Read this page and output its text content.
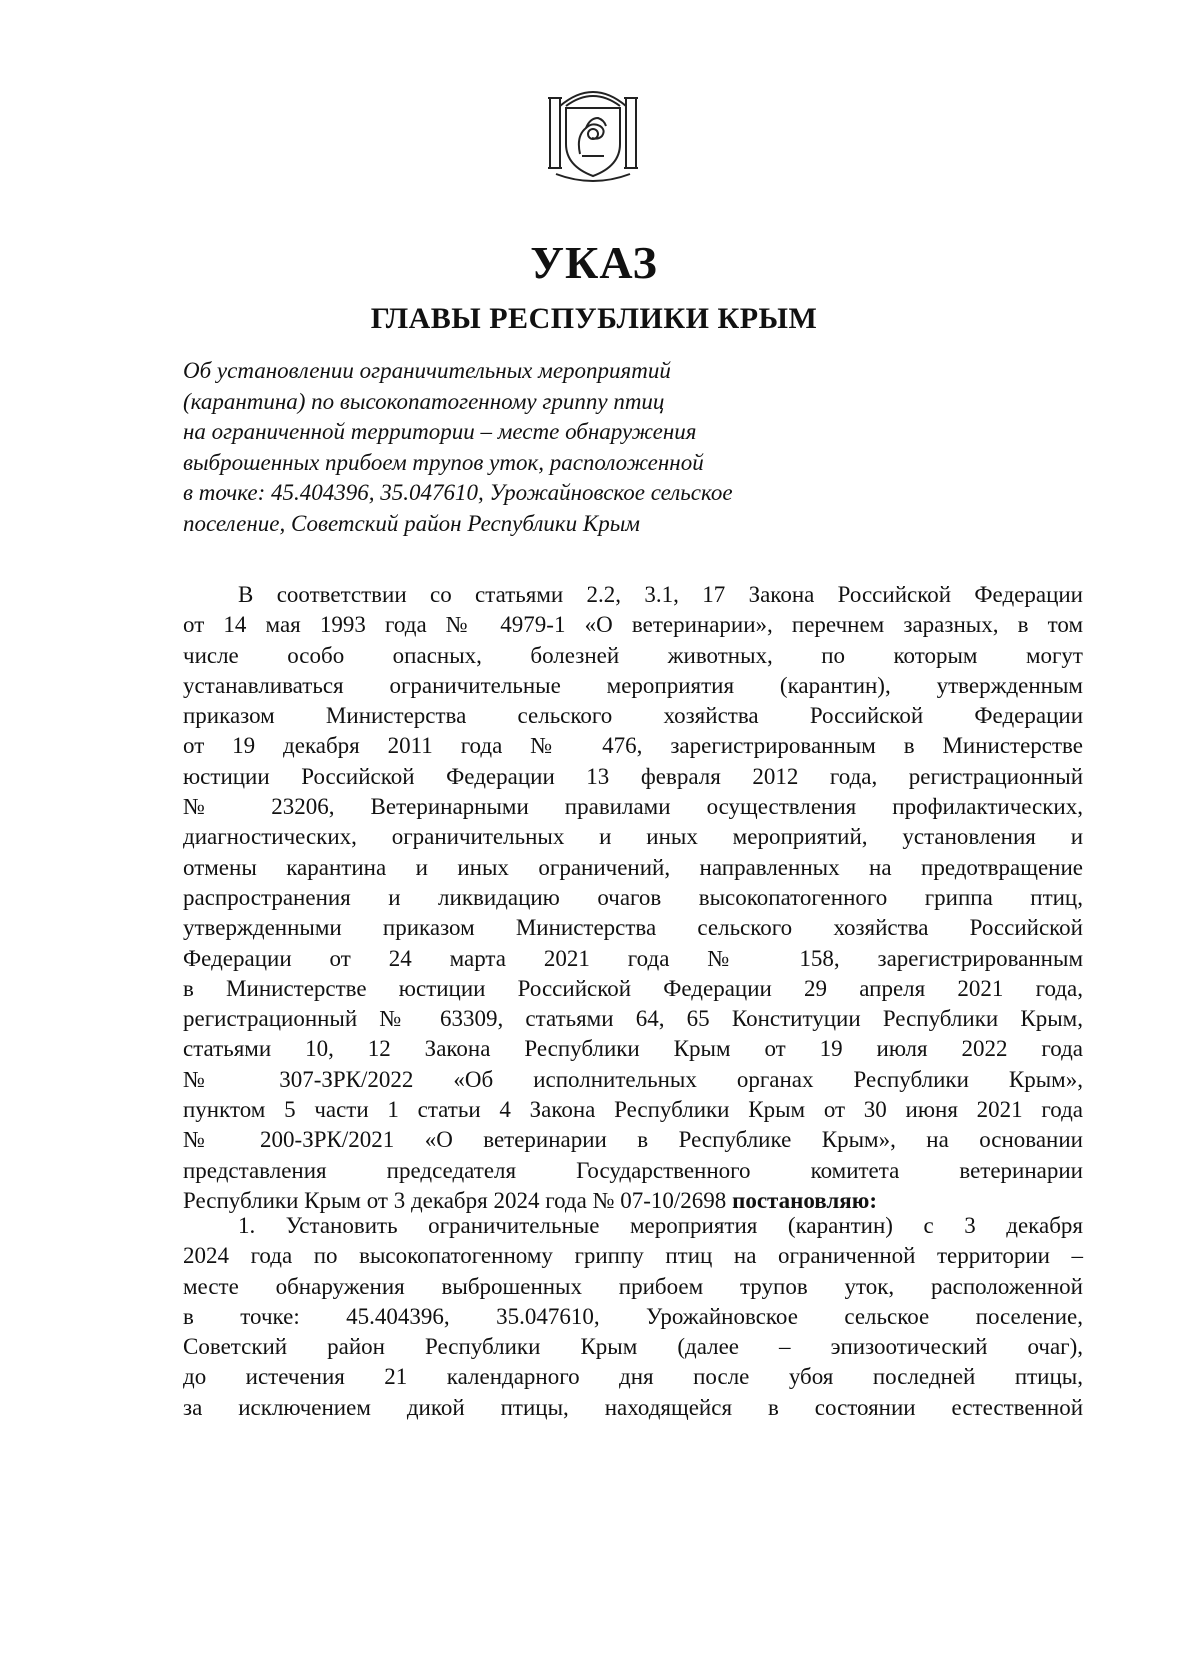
УКАЗ
ГЛАВЫ РЕСПУБЛИКИ КРЫМ
Об установлении ограничительных мероприятий
(карантина) по высокопатогенному гриппу птиц
на ограниченной территории – месте обнаружения
выброшенных прибоем трупов уток, расположенной
в точке: 45.404396, 35.047610, Урожайновское сельское
поселение, Советский район Республики Крым
В соответствии со статьями 2.2, 3.1, 17 Закона Российской Федерации
от 14 мая 1993 года № 4979-1 «О ветеринарии», перечнем заразных, в том
числе особо опасных, болезней животных, по которым могут
устанавливаться ограничительные мероприятия (карантин), утвержденным
приказом Министерства сельского хозяйства Российской Федерации
от 19 декабря 2011 года № 476, зарегистрированным в Министерстве
юстиции Российской Федерации 13 февраля 2012 года, регистрационный
№ 23206, Ветеринарными правилами осуществления профилактических,
диагностических, ограничительных и иных мероприятий, установления и
отмены карантина и иных ограничений, направленных на предотвращение
распространения и ликвидацию очагов высокопатогенного гриппа птиц,
утвержденными приказом Министерства сельского хозяйства Российской
Федерации от 24 марта 2021 года № 158, зарегистрированным
в Министерстве юстиции Российской Федерации 29 апреля 2021 года,
регистрационный № 63309, статьями 64, 65 Конституции Республики Крым,
статьями 10, 12 Закона Республики Крым от 19 июля 2022 года
№ 307-ЗРК/2022 «Об исполнительных органах Республики Крым»,
пунктом 5 части 1 статьи 4 Закона Республики Крым от 30 июня 2021 года
№ 200-ЗРК/2021 «О ветеринарии в Республике Крым», на основании
представления председателя Государственного комитета ветеринарии
Республики Крым от 3 декабря 2024 года № 07-10/2698 постановляю:
1. Установить ограничительные мероприятия (карантин) с 3 декабря
2024 года по высокопатогенному гриппу птиц на ограниченной территории –
месте обнаружения выброшенных прибоем трупов уток, расположенной
в точке: 45.404396, 35.047610, Урожайновское сельское поселение,
Советский район Республики Крым (далее – эпизоотический очаг),
до истечения 21 календарного дня после убоя последней птицы,
за исключением дикой птицы, находящейся в состоянии естественной
